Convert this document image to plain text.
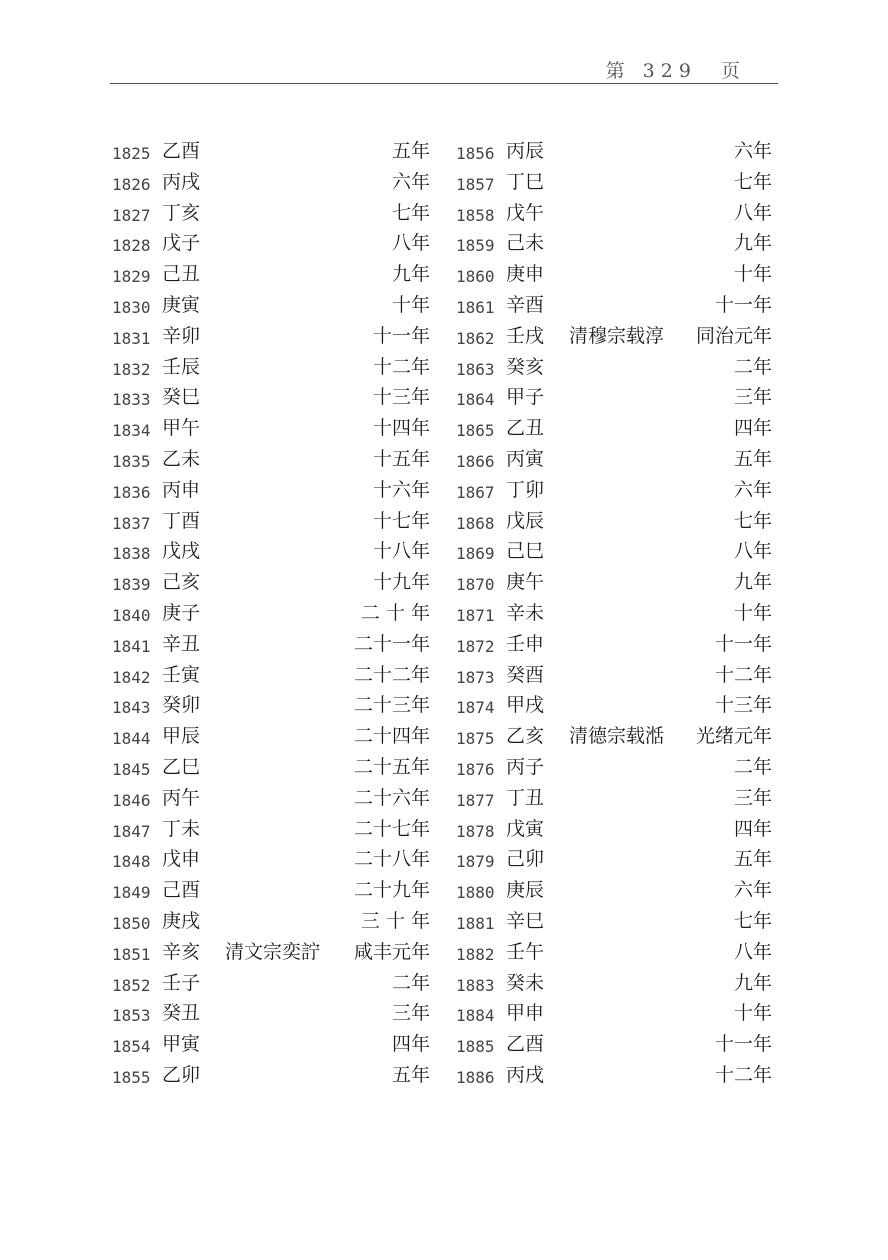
第 329  页
1825 乙酉	五年
1826 丙戌	六年
1827 丁亥	七年
1828 戊子	八年
1829 己丑	九年
1830 庚寅	十年
1831 辛卯	十一年
1832 壬辰	十二年
1833 癸巳	十三年
1834 甲午	十四年
1835 乙未	十五年
1836 丙申	十六年
1837 丁酉	十七年
1838 戊戌	十八年
1839 己亥	十九年
1840 庚子	二 十 年
1841 辛丑	二十一年
1842 壬寅	二十二年
1843 癸卯	二十三年
1844 甲辰	二十四年
1845 乙巳	二十五年
1846 丙午	二十六年
1847 丁未	二十七年
1848 戊申	二十八年
1849 己酉	二十九年
1850 庚戌	三 十 年
1851 辛亥 清文宗奕詝 咸丰元年
1852 壬子	二年
1853 癸丑	三年
1854 甲寅	四年
1855 乙卯	五年
1856 丙辰	六年
1857 丁巳	七年
1858 戊午	八年
1859 己未	九年
1860 庚申	十年
1861 辛酉	十一年
1862 壬戌 清穆宗载淳 同治元年
1863 癸亥	二年
1864 甲子	三年
1865 乙丑	四年
1866 丙寅	五年
1867 丁卯	六年
1868 戊辰	七年
1869 己巳	八年
1870 庚午	九年
1871 辛未	十年
1872 壬申	十一年
1873 癸酉	十二年
1874 甲戌	十三年
1875 乙亥 清德宗载湉 光绪元年
1876 丙子	二年
1877 丁丑	三年
1878 戊寅	四年
1879 己卯	五年
1880 庚辰	六年
1881 辛巳	七年
1882 壬午	八年
1883 癸未	九年
1884 甲申	十年
1885 乙酉	十一年
1886 丙戌	十二年
